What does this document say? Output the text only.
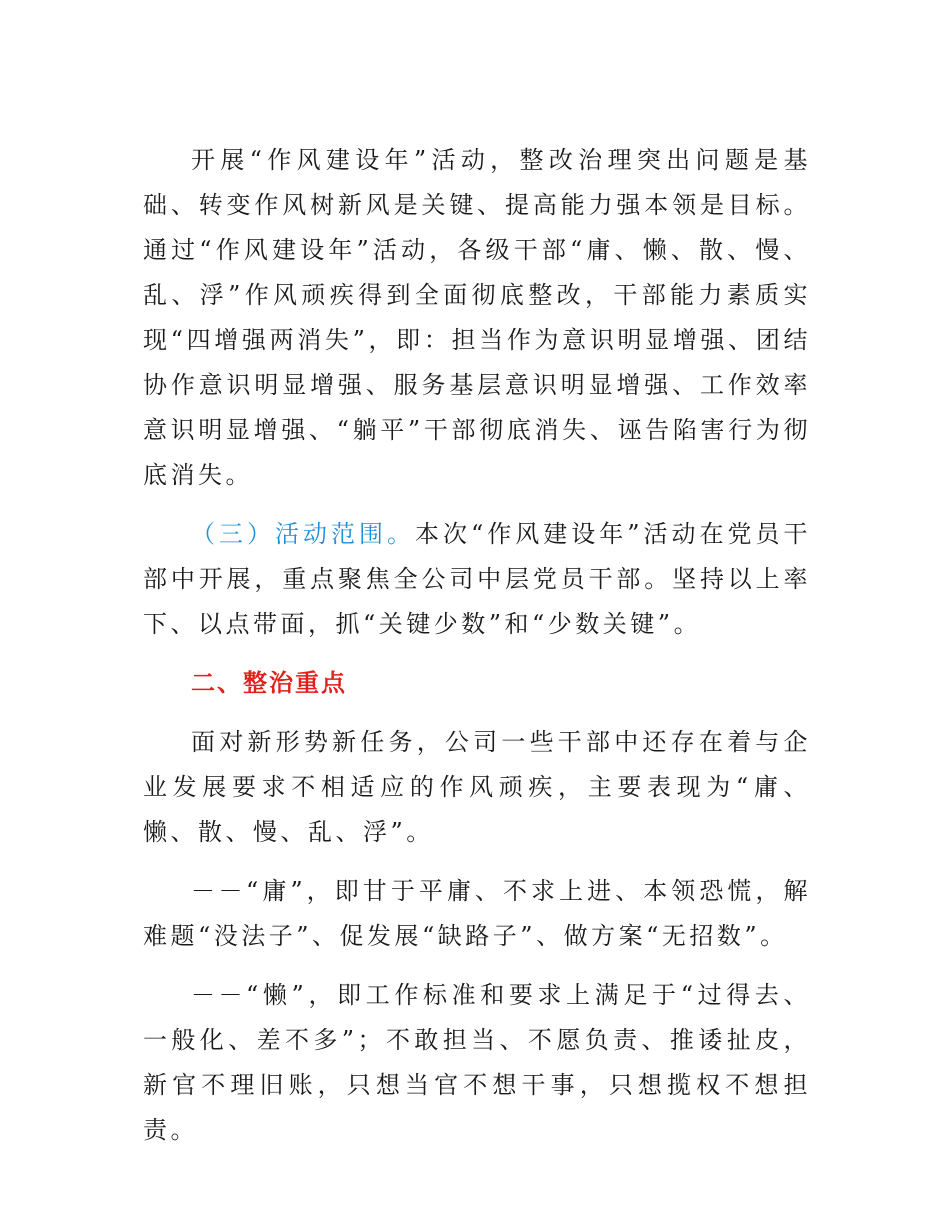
开展“作风建设年”活动，整改治理突出问题是基础、转变作风树新风是关键、提高能力强本领是目标。通过“作风建设年”活动，各级干部“庸、懒、散、慢、乱、浮”作风顽疾得到全面彻底整改，干部能力素质实现“四增强两消失”，即：担当作为意识明显增强、团结协作意识明显增强、服务基层意识明显增强、工作效率意识明显增强、“躺平”干部彻底消失、诬告陷害行为彻底消失。

（三）活动范围。本次“作风建设年”活动在党员干部中开展，重点聚焦全公司中层党员干部。坚持以上率下、以点带面，抓“关键少数”和“少数关键”。

二、整治重点

面对新形势新任务，公司一些干部中还存在着与企业发展要求不相适应的作风顽疾，主要表现为“庸、懒、散、慢、乱、浮”。

－－“庸”，即甘于平庸、不求上进、本领恐慌，解难题“没法子”、促发展“缺路子”、做方案“无招数”。

－－“懒”，即工作标准和要求上满足于“过得去、一般化、差不多”；不敢担当、不愿负责、推诿扯皮，新官不理旧账，只想当官不想干事，只想揽权不想担责。
